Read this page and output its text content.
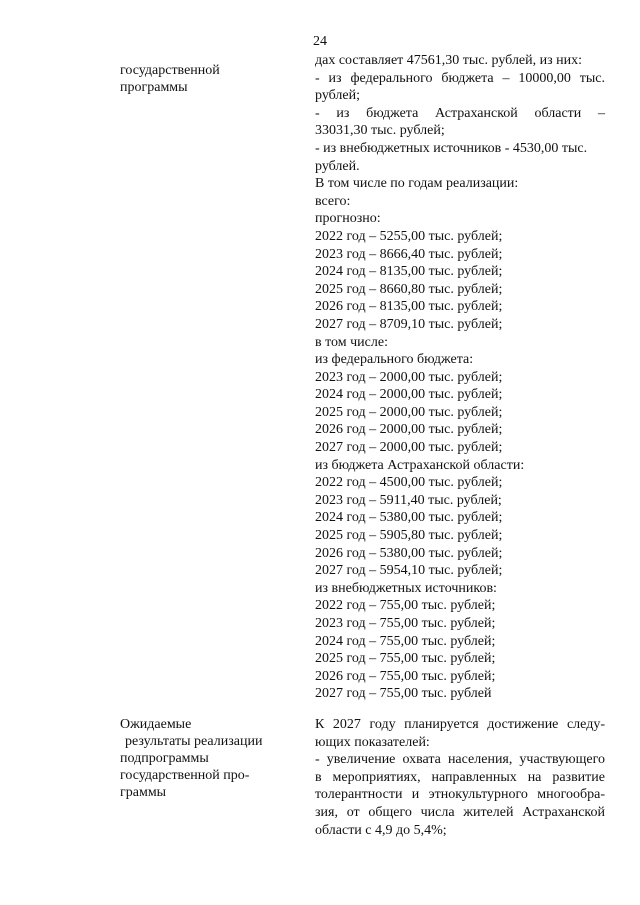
24
государственной
программы
дах составляет 47561,30 тыс. рублей, из них:
- из федерального бюджета – 10000,00 тыс.
рублей;
- из бюджета Астраханской области –
33031,30 тыс. рублей;
- из внебюджетных источников - 4530,00 тыс.
рублей.
В том числе по годам реализации:
всего:
прогнозно:
2022 год – 5255,00 тыс. рублей;
2023 год – 8666,40 тыс. рублей;
2024 год – 8135,00 тыс. рублей;
2025 год – 8660,80 тыс. рублей;
2026 год – 8135,00 тыс. рублей;
2027 год – 8709,10 тыс. рублей;
в том числе:
из федерального бюджета:
2023 год – 2000,00 тыс. рублей;
2024 год – 2000,00 тыс. рублей;
2025 год – 2000,00 тыс. рублей;
2026 год – 2000,00 тыс. рублей;
2027 год – 2000,00 тыс. рублей;
из бюджета Астраханской области:
2022 год – 4500,00 тыс. рублей;
2023 год – 5911,40 тыс. рублей;
2024 год – 5380,00 тыс. рублей;
2025 год – 5905,80 тыс. рублей;
2026 год – 5380,00 тыс. рублей;
2027 год – 5954,10 тыс. рублей;
из внебюджетных источников:
2022 год – 755,00 тыс. рублей;
2023 год – 755,00 тыс. рублей;
2024 год – 755,00 тыс. рублей;
2025 год – 755,00 тыс. рублей;
2026 год – 755,00 тыс. рублей;
2027 год – 755,00 тыс. рублей
Ожидаемые
результаты реализации
подпрограммы
государственной про-
граммы
К 2027 году планируется достижение следу-
ющих показателей:
- увеличение охвата населения, участвующего
в мероприятиях, направленных на развитие
толерантности и этнокультурного многообра-
зия, от общего числа жителей Астраханской
области с 4,9 до 5,4%;
